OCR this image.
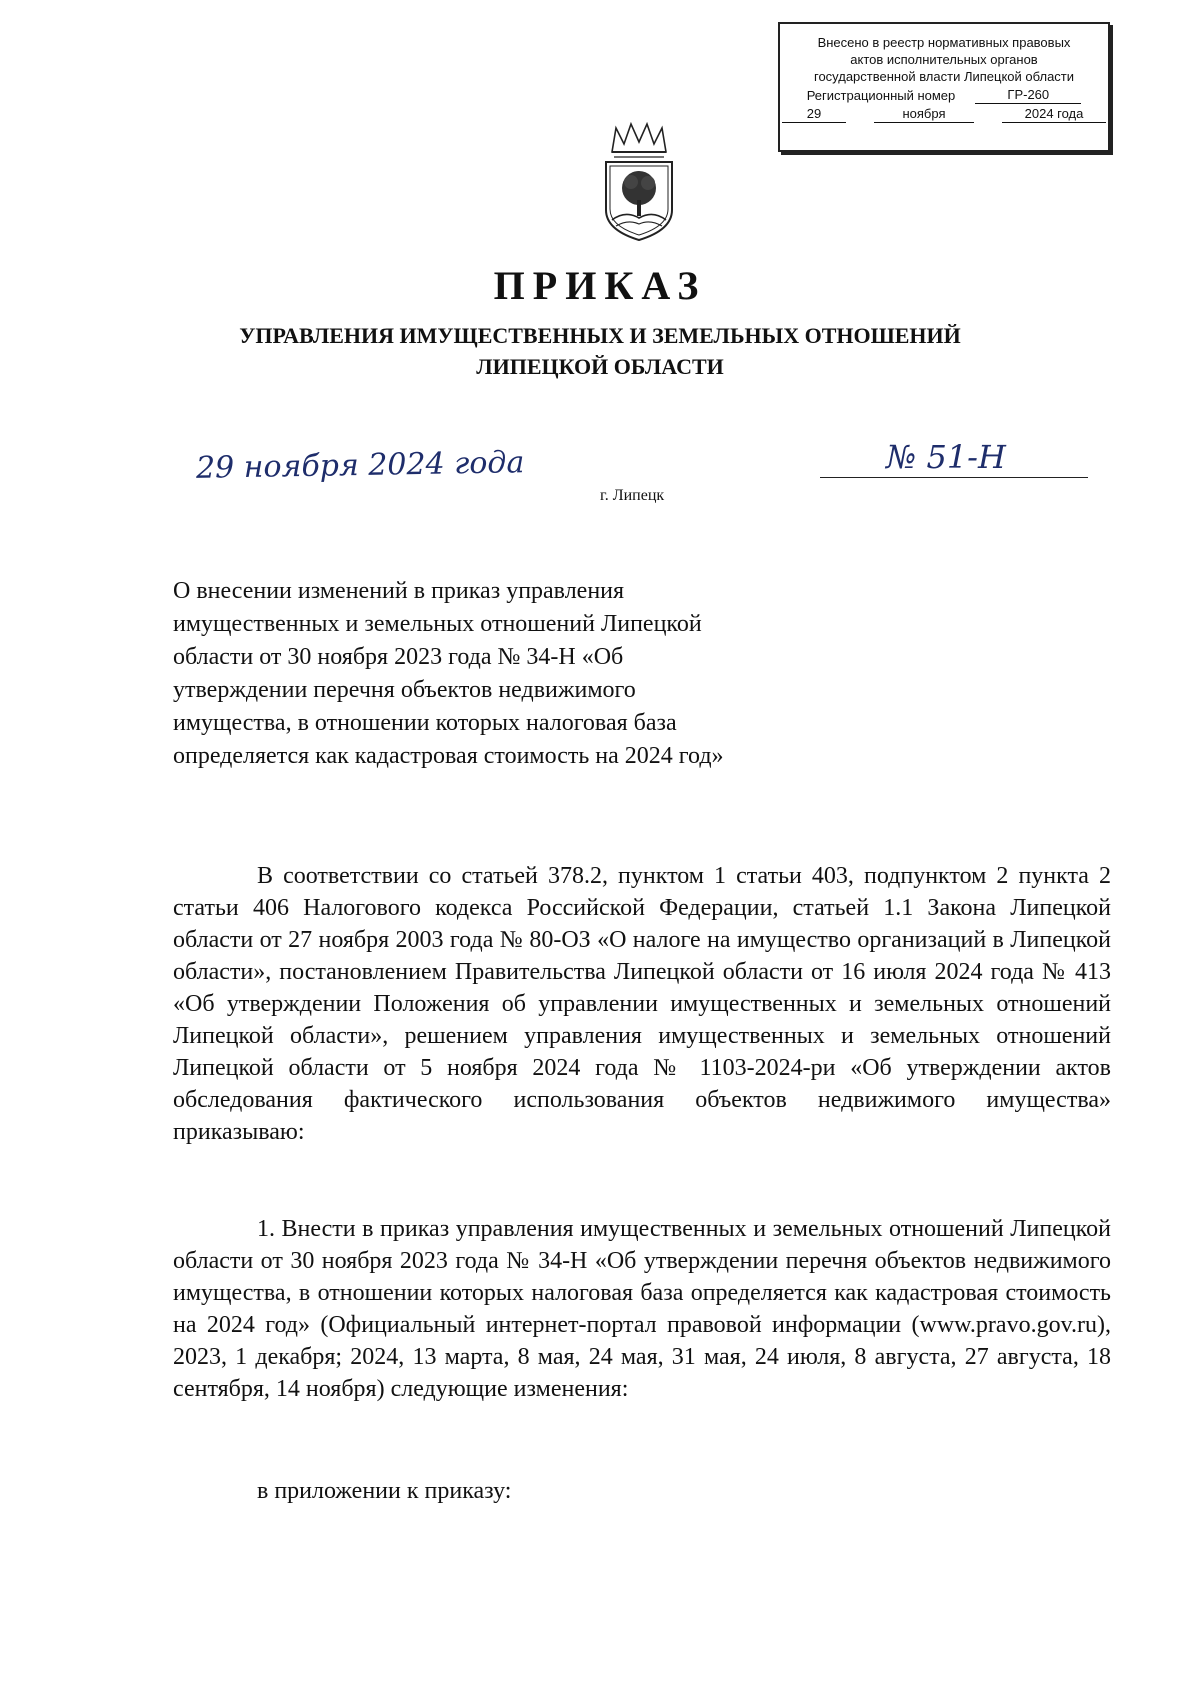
Внесено в реестр нормативных правовых
актов исполнительных органов
государственной власти Липецкой области
Регистрационный номер	ГР-260
29	ноября	2024 года
ПРИКАЗ
УПРАВЛЕНИЯ ИМУЩЕСТВЕННЫХ И ЗЕМЕЛЬНЫХ ОТНОШЕНИЙ
ЛИПЕЦКОЙ ОБЛАСТИ
29 ноября 2024 года	№ 51-Н
г. Липецк

О внесении изменений в приказ управления имущественных и земельных отношений Липецкой области от 30 ноября 2023 года № 34-Н «Об утверждении перечня объектов недвижимого имущества, в отношении которых налоговая база определяется как кадастровая стоимость на 2024 год»

В соответствии со статьей 378.2, пунктом 1 статьи 403, подпунктом 2 пункта 2 статьи 406 Налогового кодекса Российской Федерации, статьей 1.1 Закона Липецкой области от 27 ноября 2003 года № 80-ОЗ «О налоге на имущество организаций в Липецкой области», постановлением Правительства Липецкой области от 16 июля 2024 года № 413 «Об утверждении Положения об управлении имущественных и земельных отношений Липецкой области», решением управления имущественных и земельных отношений Липецкой области от 5 ноября 2024 года № 1103-2024-ри «Об утверждении актов обследования фактического использования объектов недвижимого имущества» приказываю:

1. Внести в приказ управления имущественных и земельных отношений Липецкой области от 30 ноября 2023 года № 34-Н «Об утверждении перечня объектов недвижимого имущества, в отношении которых налоговая база определяется как кадастровая стоимость на 2024 год» (Официальный интернет-портал правовой информации (www.pravo.gov.ru), 2023, 1 декабря; 2024, 13 марта, 8 мая, 24 мая, 31 мая, 24 июля, 8 августа, 27 августа, 18 сентября, 14 ноября) следующие изменения:

в приложении к приказу:
